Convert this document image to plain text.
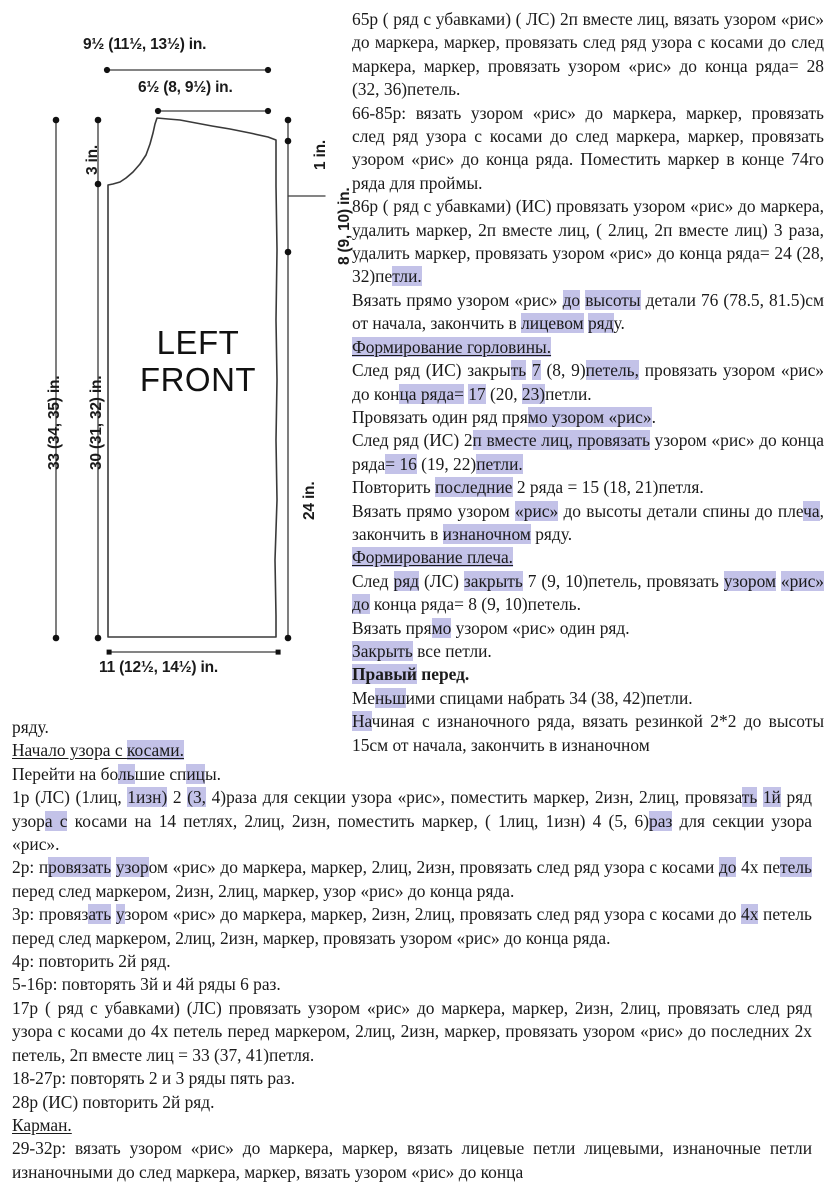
9½ (11½, 13½) in.
6½ (8, 9½) in.
3 in.
33 (34, 35) in. 30 (31, 32) in.
1 in.
8 (9, 10) in.
24 in.
11 (12½, 14½) in.
LEFT
FRONT

65р ( ряд с убавками) ( ЛС) 2п вместе лиц, вязать узором «рис» до маркера, маркер, провязать след ряд узора с косами до след маркера, маркер, провязать узором «рис» до конца ряда= 28 (32, 36)петель.

66-85р: вязать узором «рис» до маркера, маркер, провязать след ряд узора с косами до след маркера, маркер, провязать узором «рис» до конца ряда. Поместить маркер в конце 74го ряда для проймы.

86р ( ряд с убавками) (ИС) провязать узором «рис» до маркера, удалить маркер, 2п вместе лиц, ( 2лиц, 2п вместе лиц) 3 раза, удалить маркер, провязать узором «рис» до конца ряда= 24 (28, 32)петли.

Вязать прямо узором «рис» до высоты детали 76 (78.5, 81.5)см от начала, закончить в лицевом ряду.

Формирование горловины.

След ряд (ИС) закрыть 7 (8, 9)петель, провязать узором «рис» до конца ряда= 17 (20, 23)петли.

Провязать один ряд прямо узором «рис».

След ряд (ИС) 2п вместе лиц, провязать узором «рис» до конца ряда= 16 (19, 22)петли.

Повторить последние 2 ряда = 15 (18, 21)петля.

Вязать прямо узором «рис» до высоты детали спины до плеча, закончить в изнаночном ряду.

Формирование плеча.

След ряд (ЛС) закрыть 7 (9, 10)петель, провязать узором «рис» до конца ряда= 8 (9, 10)петель.

Вязать прямо узором «рис» один ряд.

Закрыть все петли.

Правый перед.

Меньшими спицами набрать 34 (38, 42)петли.

Начиная с изнаночного ряда, вязать резинкой 2*2 до высоты 15см от начала, закончить в изнаночном

ряду.

Начало узора с косами.

Перейти на большие спицы.

1р (ЛС) (1лиц, 1изн) 2 (3, 4)раза для секции узора «рис», поместить маркер, 2изн, 2лиц, провязать 1й ряд узора с косами на 14 петлях, 2лиц, 2изн, поместить маркер, ( 1лиц, 1изн) 4 (5, 6)раз для секции узора «рис».

2р: провязать узором «рис» до маркера, маркер, 2лиц, 2изн, провязать след ряд узора с косами до 4х петель перед след маркером, 2изн, 2лиц, маркер, узор «рис» до конца ряда.

3р: провязать узором «рис» до маркера, маркер, 2изн, 2лиц, провязать след ряд узора с косами до 4х петель перед след маркером, 2лиц, 2изн, маркер, провязать узором «рис» до конца ряда.

4р: повторить 2й ряд.

5-16р: повторять 3й и 4й ряды 6 раз.

17р ( ряд с убавками) (ЛС) провязать узором «рис» до маркера, маркер, 2изн, 2лиц, провязать след ряд узора с косами до 4х петель перед маркером, 2лиц, 2изн, маркер, провязать узором «рис» до последних 2х петель, 2п вместе лиц = 33 (37, 41)петля.

18-27р: повторять 2 и 3 ряды пять раз.

28р (ИС) повторить 2й ряд.

Карман.

29-32р: вязать узором «рис» до маркера, маркер, вязать лицевые петли лицевыми, изнаночные петли изнаночными до след маркера, маркер, вязать узором «рис» до конца
